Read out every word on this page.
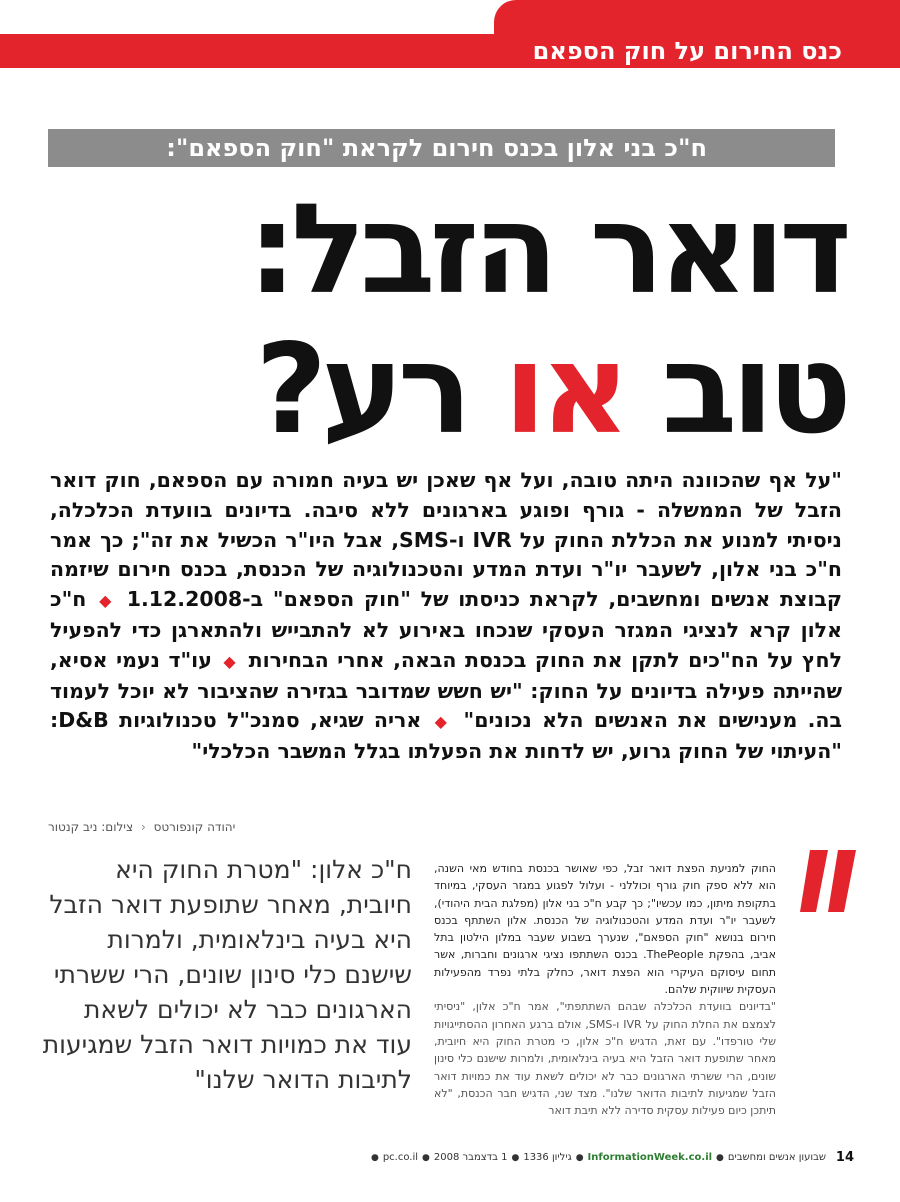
כנס החירום על חוק הספאם
ח"כ בני אלון בכנס חירום לקראת "חוק הספאם":
דואר הזבל:
טוב או רע?
"על אף שהכוונה היתה טובה, ועל אף שאכן יש בעיה חמורה עם הספאם, חוק דואר הזבל של הממשלה - גורף ופוגע בארגונים ללא סיבה. בדיונים בוועדת הכלכלה, ניסיתי למנוע את הכללת החוק על IVR ו-SMS, אבל היו"ר הכשיל את זה"; כך אמר ח"כ בני אלון, לשעבר יו"ר ועדת המדע והטכנולוגיה של הכנסת, בכנס חירום שיזמה קבוצת אנשים ומחשבים, לקראת כניסתו של "חוק הספאם" ב-1.12.2008 ◆ ח"כ אלון קרא לנציגי המגזר העסקי שנכחו באירוע לא להתבייש ולהתארגן כדי להפעיל לחץ על הח"כים לתקן את החוק בכנסת הבאה, אחרי הבחירות ◆ עו"ד נעמי אסיא, שהייתה פעילה בדיונים על החוק: "יש חשש שמדובר בגזירה שהציבור לא יוכל לעמוד בה. מענישים את האנשים הלא נכונים" ◆ אריה שגיא, סמנכ"ל טכנולוגיות D&B: "העיתוי של החוק גרוע, יש לדחות את הפעלתו בגלל המשבר הכלכלי"
יהודה קונפורטס ‹ צילום: ניב קנטור

החוק למניעת הפצת דואר זבל, כפי שאושר בכנסת בחודש מאי השנה, הוא ללא ספק חוק גורף וכוללני - ועלול לפגוע במגזר העסקי, במיוחד בתקופת מיתון, כמו עכשיו"; כך קבע ח"כ בני אלון (מפלגת הבית היהודי), לשעבר יו"ר ועדת המדע והטכנולוגיה של הכנסת. אלון השתתף בכנס חירום בנושא "חוק הספאם", שנערך בשבוע שעבר במלון הילטון בתל אביב, בהפקת ThePeople. בכנס השתתפו נציגי ארגונים וחברות, אשר תחום עיסוקם העיקרי הוא הפצת דואר, כחלק בלתי נפרד מהפעילות העסקית שיווקית שלהם.

"בדיונים בוועדת הכלכלה שבהם השתתפתי", אמר ח"כ אלון, "ניסיתי לצמצם את החלת החוק על IVR ו-SMS, אולם ברגע האחרון ההסתייגויות שלי טורפדו". עם זאת, הדגיש ח"כ אלון, כי מטרת החוק היא חיובית, מאחר שתופעת דואר הזבל היא בעיה בינלאומית, ולמרות שישנם כלי סינון שונים, הרי ששרתי הארגונים כבר לא יכולים לשאת עוד את כמויות דואר הזבל שמגיעות לתיבות הדואר שלנו". מצד שני, הדגיש חבר הכנסת, "לא תיתכן כיום פעילות עסקית סדירה ללא תיבת דואר

ח"כ אלון: "מטרת החוק היא חיובית, מאחר שתופעת דואר הזבל היא בעיה בינלאומית, ולמרות שישנם כלי סינון שונים, הרי ששרתי הארגונים כבר לא יכולים לשאת עוד את כמויות דואר הזבל שמגיעות לתיבות הדואר שלנו"
14
שבועון אנשים ומחשבים●InformationWeek.co.il●גיליון 1336●1 בדצמבר 2008●pc.co.il●
